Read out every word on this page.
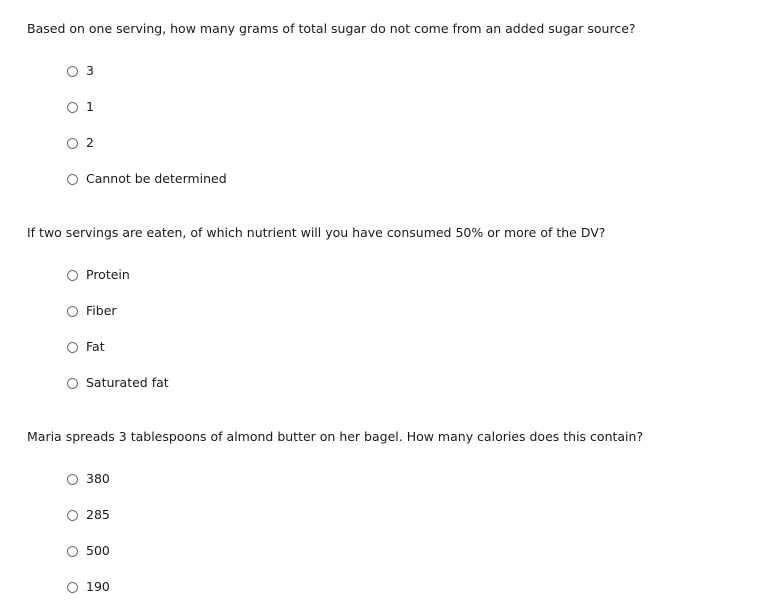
Based on one serving, how many grams of total sugar do not come from an added sugar source?
3
1
2
Cannot be determined
If two servings are eaten, of which nutrient will you have consumed 50% or more of the DV?
Protein
Fiber
Fat
Saturated fat
Maria spreads 3 tablespoons of almond butter on her bagel. How many calories does this contain?
380
285
500
190
